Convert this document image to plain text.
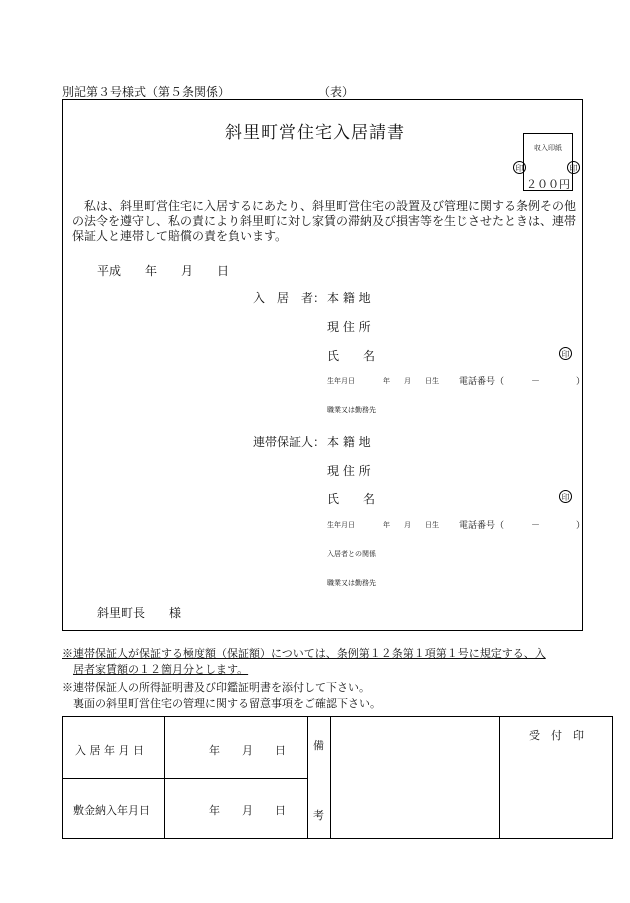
別記第３号様式（第５条関係）	（表）
斜里町営住宅入居請書
収入印紙
２００円
印	印
　私は、斜里町営住宅に入居するにあたり、斜里町営住宅の設置及び管理に関する条例その他の法令を遵守し、私の責により斜里町に対し家賃の滞納及び損害等を生じさせたときは、連帯保証人と連帯して賠償の責を負います。
平成　　年　　月　　日
入　居　者： 本 籍 地
現 住 所
氏　　名	印
生年月日　　　　年　　月　　日生 電話番号（　　　－　　　　）
職業又は勤務先
連帯保証人： 本 籍 地
現 住 所
氏　　名	印
生年月日　　　　年　　月　　日生 電話番号（　　　－　　　　）
入居者との関係
職業又は勤務先
斜里町長　　様
※連帯保証人が保証する極度額（保証額）については、条例第１２条第１項第１号に規定する、入
居者家賃額の１２箇月分とします。
※連帯保証人の所得証明書及び印鑑証明書を添付して下さい。
裏面の斜里町営住宅の管理に関する留意事項をご確認下さい。
入 居 年 月 日	年　　月　　日
敷金納入年月日	年　　月　　日
備
考
受　付　印
